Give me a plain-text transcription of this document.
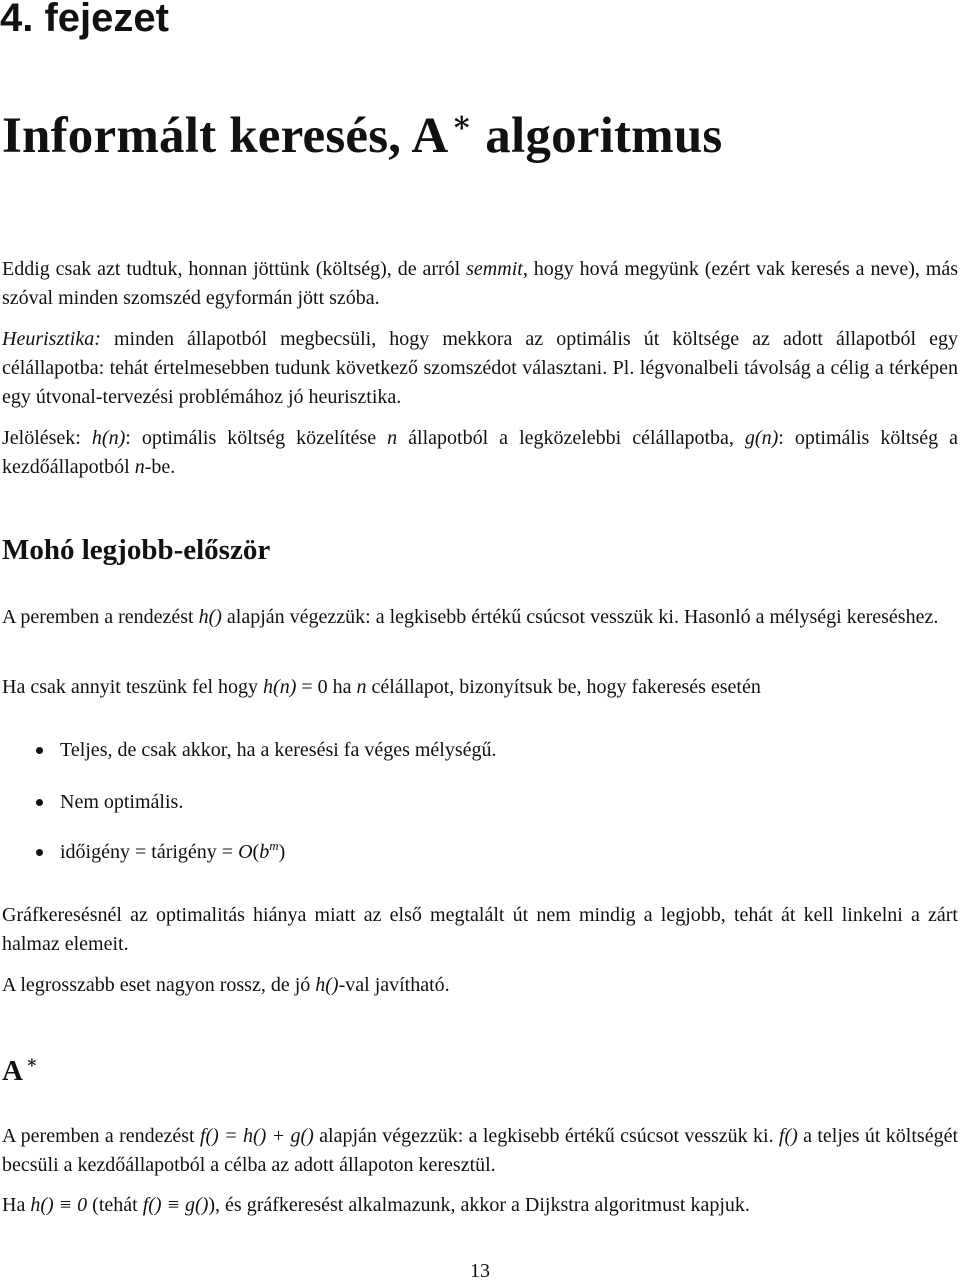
4. fejezet
Informált keresés, A ∗ algoritmus

Eddig csak azt tudtuk, honnan jöttünk (költség), de arról semmit, hogy hová megyünk (ezért vak keresés a neve), más szóval minden szomszéd egyformán jött szóba.

Heurisztika: minden állapotból megbecsüli, hogy mekkora az optimális út költsége az adott állapotból egy célállapotba: tehát értelmesebben tudunk következő szomszédot választani. Pl. légvonalbeli távolság a célig a térképen egy útvonal-tervezési problémához jó heurisztika.

Jelölések: h(n): optimális költség közelítése n állapotból a legközelebbi célállapotba, g(n): optimális költség a kezdőállapotból n-be.

Mohó legjobb-először

A peremben a rendezést h() alapján végezzük: a legkisebb értékű csúcsot vesszük ki. Hasonló a mélységi kereséshez.

Ha csak annyit teszünk fel hogy h(n) = 0 ha n célállapot, bizonyítsuk be, hogy fakeresés esetén

Teljes, de csak akkor, ha a keresési fa véges mélységű.
Nem optimális.
időigény = tárigény = $O(b^m)$

Gráfkeresésnél az optimalitás hiánya miatt az első megtalált út nem mindig a legjobb, tehát át kell linkelni a zárt halmaz elemeit.

A legrosszabb eset nagyon rossz, de jó h()-val javítható.

A ∗

A peremben a rendezést f() = h() + g() alapján végezzük: a legkisebb értékű csúcsot vesszük ki. f() a teljes út költségét becsüli a kezdőállapotból a célba az adott állapoton keresztül.

Ha h() ≡ 0 (tehát f() ≡ g()), és gráfkeresést alkalmazunk, akkor a Dijkstra algoritmust kapjuk.

13
